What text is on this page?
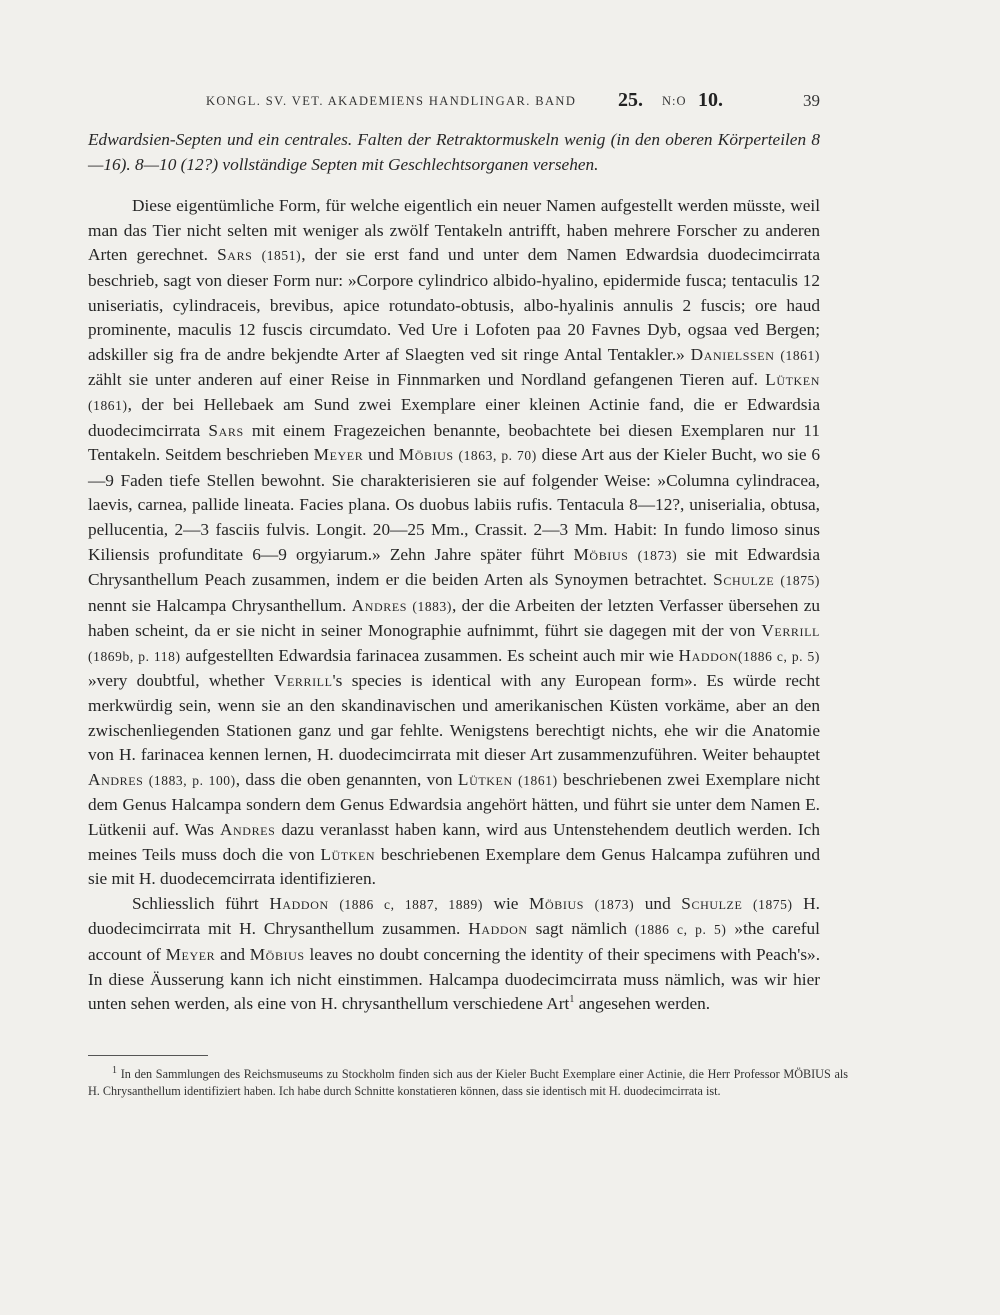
KONGL. SV. VET. AKADEMIENS HANDLINGAR. BAND 25. N:O 10.	39

Edwardsien-Septen und ein centrales. Falten der Retraktormuskeln wenig (in den oberen Körperteilen 8—16). 8—10 (12?) vollständige Septen mit Geschlechtsorganen versehen.

Diese eigentümliche Form, für welche eigentlich ein neuer Namen aufgestellt werden müsste, weil man das Tier nicht selten mit weniger als zwölf Tentakeln antrifft, haben mehrere Forscher zu anderen Arten gerechnet. Sars (1851), der sie erst fand und unter dem Namen Edwardsia duodecimcirrata beschrieb, sagt von dieser Form nur: »Corpore cylindrico albido-hyalino, epidermide fusca; tentaculis 12 uniseriatis, cylindraceis, brevibus, apice rotundato-obtusis, albo-hyalinis annulis 2 fuscis; ore haud prominente, maculis 12 fuscis circumdato. Ved Ure i Lofoten paa 20 Favnes Dyb, ogsaa ved Bergen; adskiller sig fra de andre bekjendte Arter af Slaegten ved sit ringe Antal Tentakler.» Danielssen (1861) zählt sie unter anderen auf einer Reise in Finnmarken und Nordland gefangenen Tieren auf. Lütken (1861), der bei Hellebaek am Sund zwei Exemplare einer kleinen Actinie fand, die er Edwardsia duodecimcirrata Sars mit einem Fragezeichen benannte, beobachtete bei diesen Exemplaren nur 11 Tentakeln. Seitdem beschrieben Meyer und Möbius (1863, p. 70) diese Art aus der Kieler Bucht, wo sie 6—9 Faden tiefe Stellen bewohnt. Sie charakterisieren sie auf folgender Weise: »Columna cylindracea, laevis, carnea, pallide lineata. Facies plana. Os duobus labiis rufis. Tentacula 8—12?, uniserialia, obtusa, pellucentia, 2—3 fasciis fulvis. Longit. 20—25 Mm., Crassit. 2—3 Mm. Habit: In fundo limoso sinus Kiliensis profunditate 6—9 orgyiarum.» Zehn Jahre später führt Möbius (1873) sie mit Edwardsia Chrysanthellum Peach zusammen, indem er die beiden Arten als Synoymen betrachtet. Schulze (1875) nennt sie Halcampa Chrysanthellum. Andres (1883), der die Arbeiten der letzten Verfasser übersehen zu haben scheint, da er sie nicht in seiner Monographie aufnimmt, führt sie dagegen mit der von Verrill (1869b, p. 118) aufgestellten Edwardsia farinacea zusammen. Es scheint auch mir wie Haddon(1886 c, p. 5) »very doubtful, whether Verrill's species is identical with any European form». Es würde recht merkwürdig sein, wenn sie an den skandinavischen und amerikanischen Küsten vorkäme, aber an den zwischenliegenden Stationen ganz und gar fehlte. Wenigstens berechtigt nichts, ehe wir die Anatomie von H. farinacea kennen lernen, H. duodecimcirrata mit dieser Art zusammenzuführen. Weiter behauptet Andres (1883, p. 100), dass die oben genannten, von Lütken (1861) beschriebenen zwei Exemplare nicht dem Genus Halcampa sondern dem Genus Edwardsia angehört hätten, und führt sie unter dem Namen E. Lütkenii auf. Was Andres dazu veranlasst haben kann, wird aus Untenstehendem deutlich werden. Ich meines Teils muss doch die von Lütken beschriebenen Exemplare dem Genus Halcampa zuführen und sie mit H. duodecemcirrata identifizieren.

Schliesslich führt Haddon (1886 c, 1887, 1889) wie Möbius (1873) und Schulze (1875) H. duodecimcirrata mit H. Chrysanthellum zusammen. Haddon sagt nämlich (1886 c, p. 5) »the careful account of Meyer and Möbius leaves no doubt concerning the identity of their specimens with Peach's». In diese Äusserung kann ich nicht einstimmen. Halcampa duodecimcirrata muss nämlich, was wir hier unten sehen werden, als eine von H. chrysanthellum verschiedene Art$^1$ angesehen werden.

$^1$ In den Sammlungen des Reichsmuseums zu Stockholm finden sich aus der Kieler Bucht Exemplare einer Actinie, die Herr Professor MÖBIUS als H. Chrysanthellum identifiziert haben. Ich habe durch Schnitte konstatieren können, dass sie identisch mit H. duodecimcirrata ist.
